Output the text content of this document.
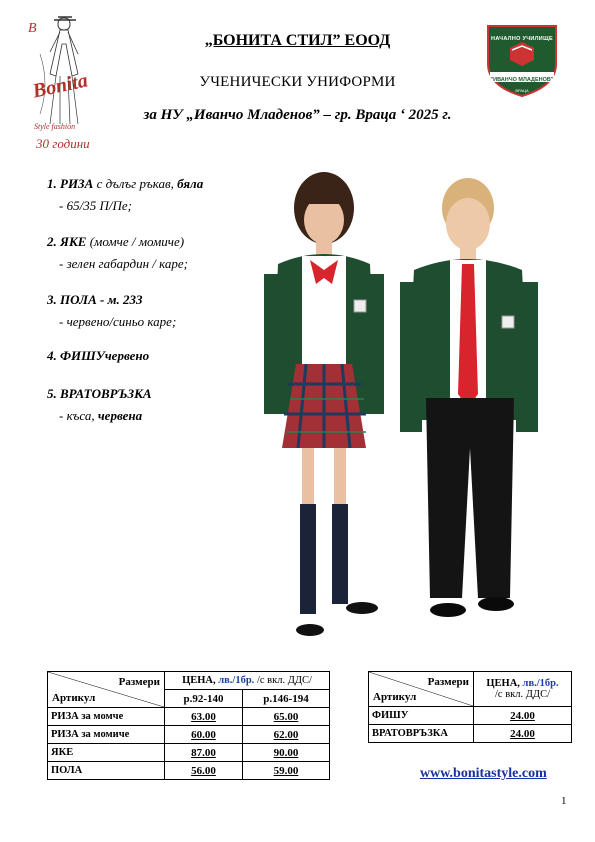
B
Bonita
Style fashion
30 години
НАЧАЛНО УЧИЛИЩЕ
"ИВАНЧО МЛАДЕНОВ"
ВРАЦА
„БОНИТА СТИЛ” ЕООД
УЧЕНИЧЕСКИ УНИФОРМИ
за НУ „Иванчо Младенов” – гр. Враца ‘ 2025 г.
1. РИЗА с дълъг ръкав, бяла
- 65/35 П/Пе;
2. ЯКЕ (момче / момиче)
- зелен габардин / каре;
3. ПОЛА - м. 233
- червено/синьо каре;
4. ФИШУчервено
5. ВРАТОВРЪЗКА
- къса, червена
Размери
Артикул	ЦЕНА, лв./1бр. /с вкл. ДДС/	
	р.92-140	р.146-194
РИЗА за момче	63.00	65.00
РИЗА за момиче	60.00	62.00
ЯКЕ	87.00	90.00
ПОЛА	56.00	59.00
Размери
Артикул	ЦЕНА, лв./1бр.
/с вкл. ДДС/
ФИШУ	24.00
ВРАТОВРЪЗКА	24.00
www.bonitastyle.com
1
